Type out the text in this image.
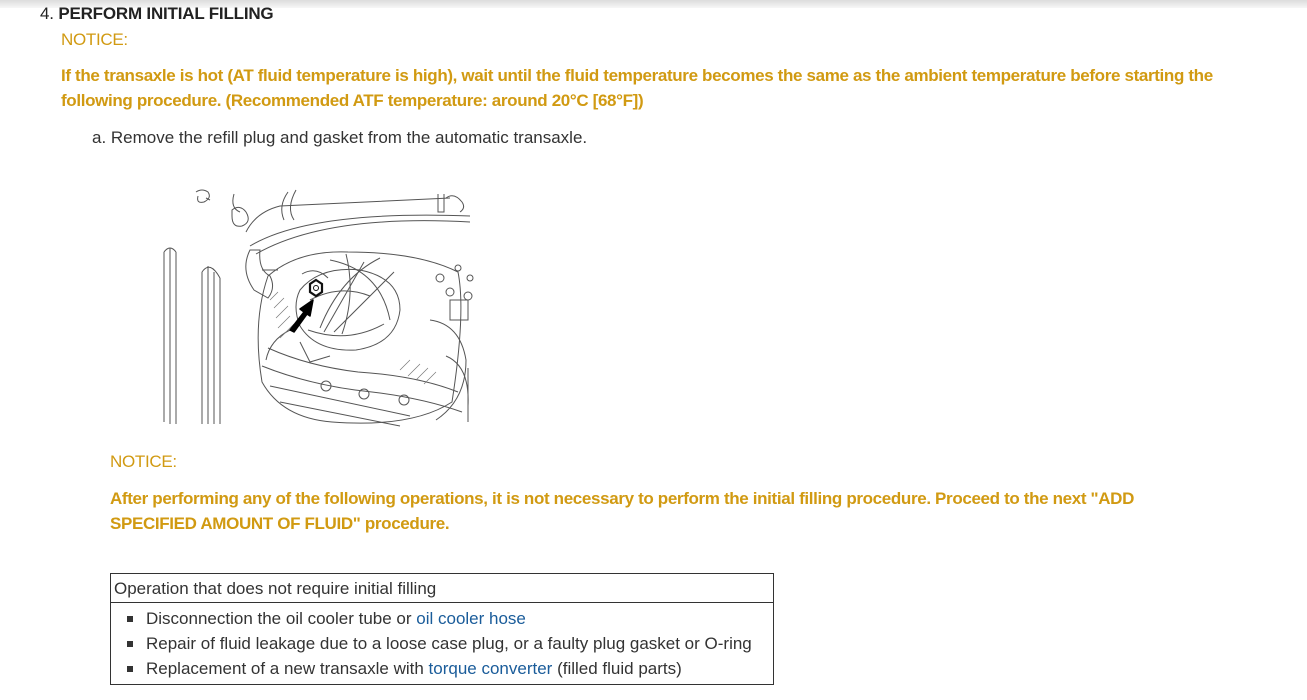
4. PERFORM INITIAL FILLING
NOTICE:
If the transaxle is hot (AT fluid temperature is high), wait until the fluid temperature becomes the same as the ambient temperature before starting the following procedure. (Recommended ATF temperature: around 20°C [68°F])
a. Remove the refill plug and gasket from the automatic transaxle.
NOTICE:
After performing any of the following operations, it is not necessary to perform the initial filling procedure. Proceed to the next "ADD SPECIFIED AMOUNT OF FLUID" procedure.
Operation that does not require initial filling

Disconnection the oil cooler tube or oil cooler hose
Repair of fluid leakage due to a loose case plug, or a faulty plug gasket or O-ring
Replacement of a new transaxle with torque converter (filled fluid parts)
